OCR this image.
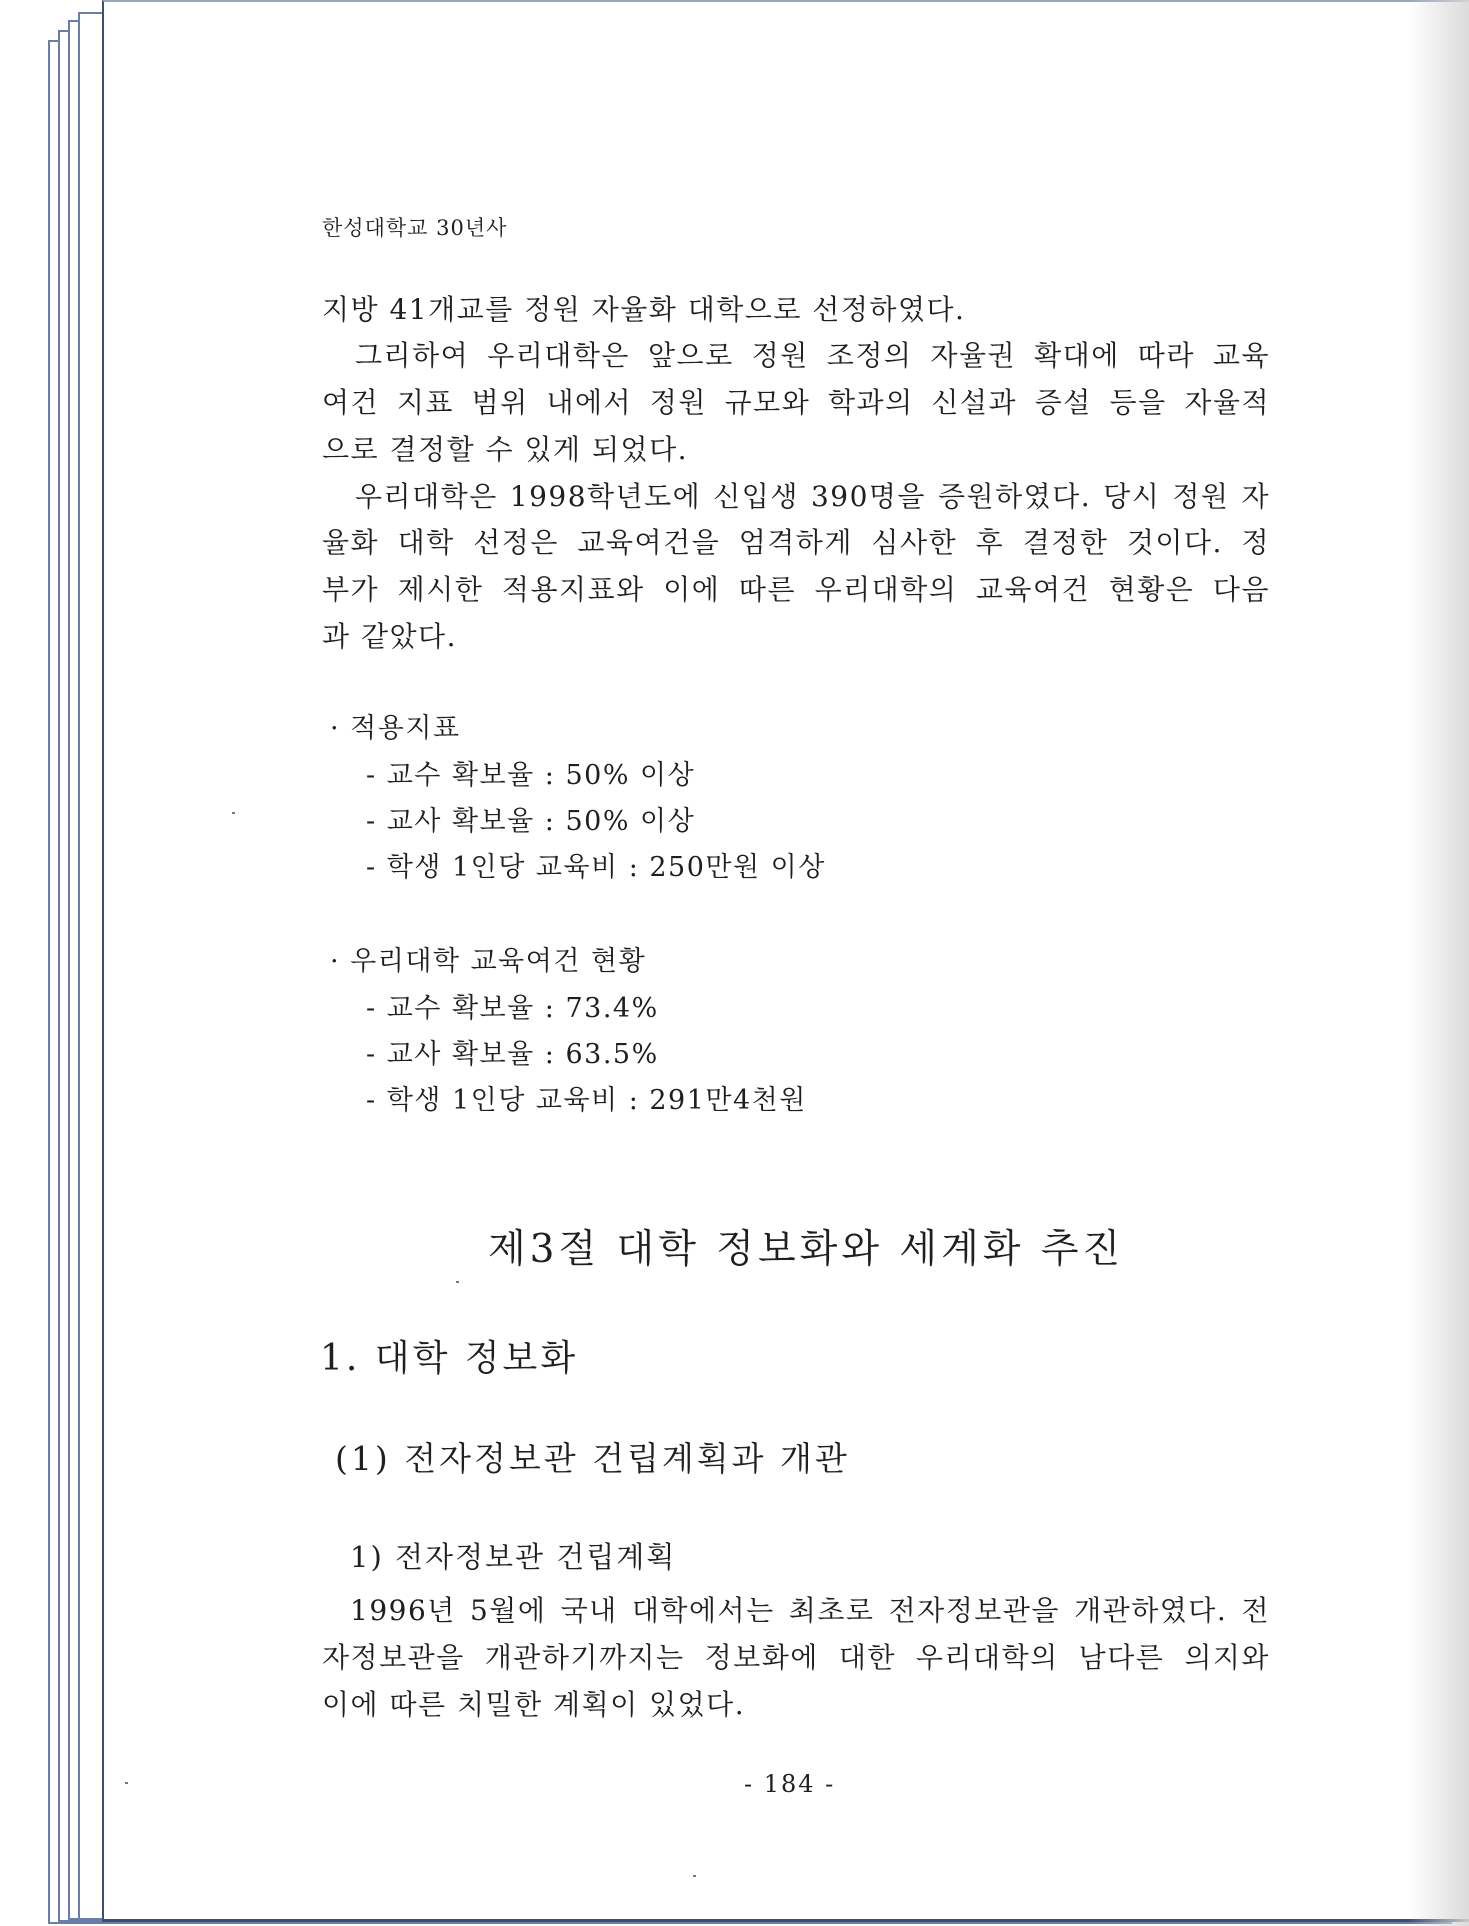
한성대학교 30년사
지방 41개교를 정원 자율화 대학으로 선정하였다.
그리하여 우리대학은 앞으로 정원 조정의 자율권 확대에 따라 교육
여건 지표 범위 내에서 정원 규모와 학과의 신설과 증설 등을 자율적
으로 결정할 수 있게 되었다.
우리대학은 1998학년도에 신입생 390명을 증원하였다. 당시 정원 자
율화 대학 선정은 교육여건을 엄격하게 심사한 후 결정한 것이다. 정
부가 제시한 적용지표와 이에 따른 우리대학의 교육여건 현황은 다음
과 같았다.
· 적용지표
- 교수 확보율 : 50% 이상
- 교사 확보율 : 50% 이상
- 학생 1인당 교육비 : 250만원 이상
· 우리대학 교육여건 현황
- 교수 확보율 : 73.4%
- 교사 확보율 : 63.5%
- 학생 1인당 교육비 : 291만4천원
제3절 대학 정보화와 세계화 추진
1. 대학 정보화
(1) 전자정보관 건립계획과 개관
1) 전자정보관 건립계획
1996년 5월에 국내 대학에서는 최초로 전자정보관을 개관하였다. 전
자정보관을 개관하기까지는 정보화에 대한 우리대학의 남다른 의지와
이에 따른 치밀한 계획이 있었다.
- 184 -
